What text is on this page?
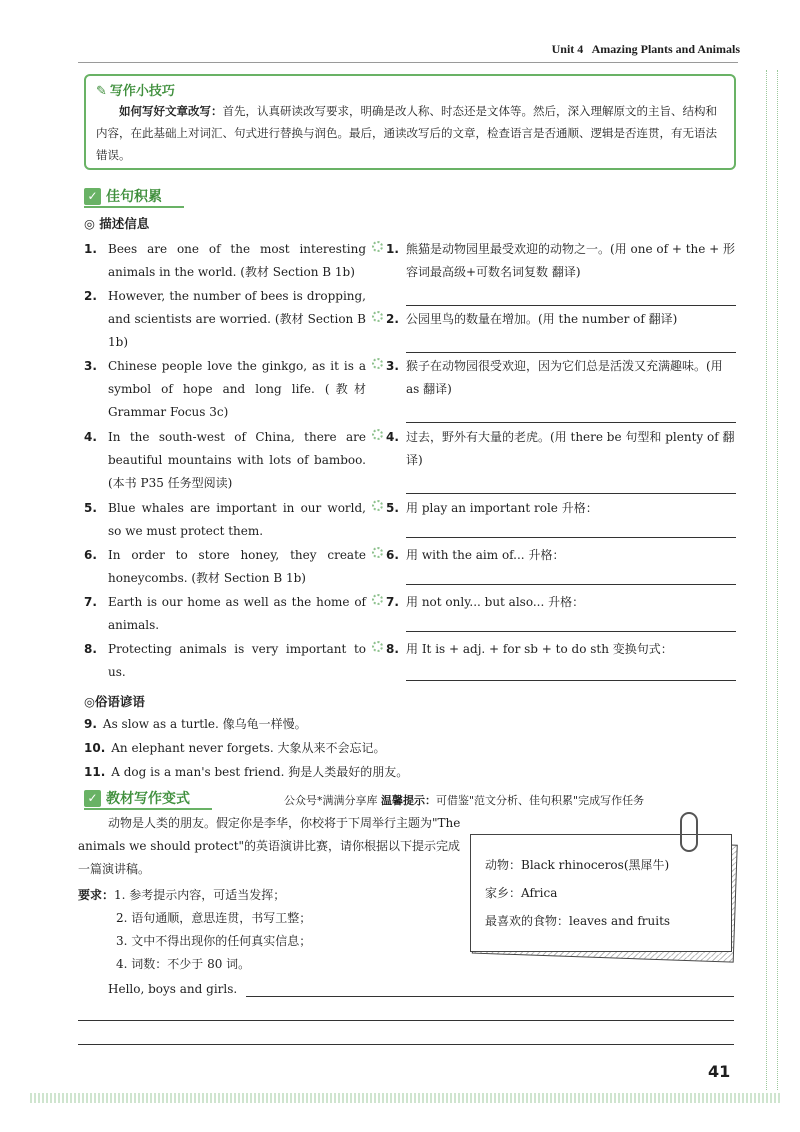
Unit 4 Amazing Plants and Animals
✎ 写作小技巧
如何写好文章改写：首先，认真研读改写要求，明确是改人称、时态还是文体等。然后，深入理解原文的主旨、结构和内容，在此基础上对词汇、句式进行替换与润色。最后，通读改写后的文章，检查语言是否通顺、逻辑是否连贯，有无语法错误。
✓ 佳句积累
◎ 描述信息
1. Bees are one of the most interesting animals in the world. (教材 Section B 1b)
2. However, the number of bees is dropping, and scientists are worried. (教材 Section B 1b)
3. Chinese people love the ginkgo, as it is a symbol of hope and long life. (教材 Grammar Focus 3c)
4. In the south-west of China, there are beautiful mountains with lots of bamboo. (本书 P35 任务型阅读)
5. Blue whales are important in our world, so we must protect them.
6. In order to store honey, they create honeycombs. (教材 Section B 1b)
7. Earth is our home as well as the home of animals.
8. Protecting animals is very important to us.
1. 熊猫是动物园里最受欢迎的动物之一。(用 one of + the + 形容词最高级+可数名词复数 翻译)
2. 公园里鸟的数量在增加。(用 the number of 翻译)
3. 猴子在动物园很受欢迎，因为它们总是活泼又充满趣味。(用 as 翻译)
4. 过去，野外有大量的老虎。(用 there be 句型和 plenty of 翻译)
5. 用 play an important role 升格：
6. 用 with the aim of... 升格：
7. 用 not only... but also... 升格：
8. 用 It is + adj. + for sb + to do sth 变换句式：
◎俗语谚语
9. As slow as a turtle. 像乌龟一样慢。
10. An elephant never forgets. 大象从来不会忘记。
11. A dog is a man's best friend. 狗是人类最好的朋友。
✓ 教材写作变式	公众号*满满分享库 温馨提示：可借鉴"范文分析、佳句积累"完成写作任务
动物是人类的朋友。假定你是李华，你校将于下周举行主题为"The animals we should protect"的英语演讲比赛，请你根据以下提示完成一篇演讲稿。
要求：1. 参考提示内容，可适当发挥；
2. 语句通顺，意思连贯，书写工整；
3. 文中不得出现你的任何真实信息；
4. 词数：不少于 80 词。
动物：Black rhinoceros(黑犀牛)
家乡：Africa
最喜欢的食物：leaves and fruits
Hello, boys and girls.
41
